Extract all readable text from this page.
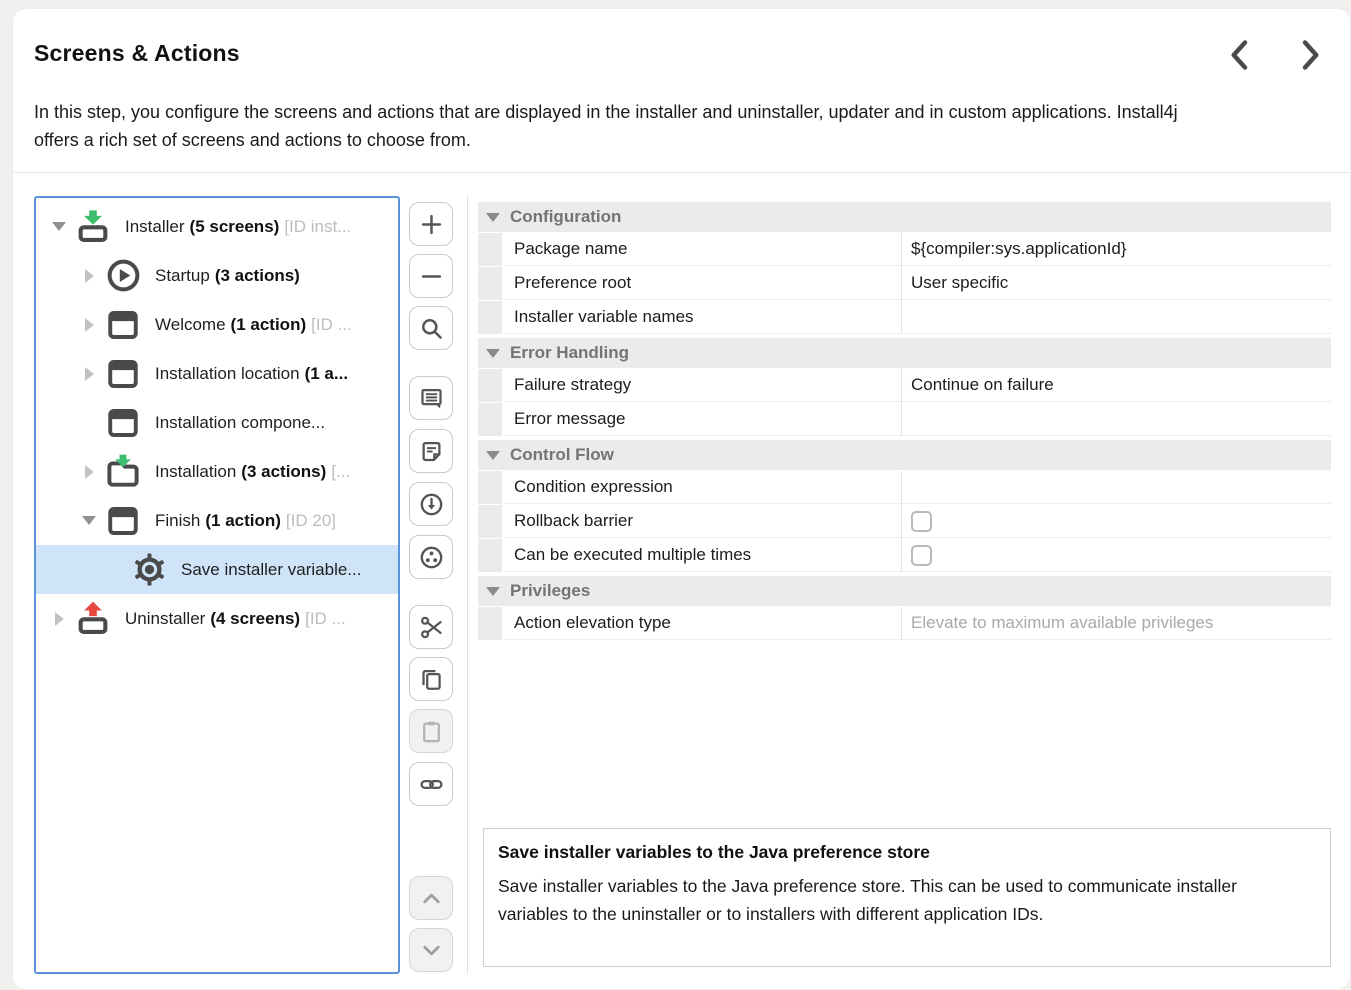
Screens & Actions
In this step, you configure the screens and actions that are displayed in the installer and uninstaller, updater and in custom applications. Install4j offers a rich set of screens and actions to choose from.
Installer (5 screens) [ID inst...
Startup (3 actions)
Welcome (1 action) [ID ...
Installation location (1 a...
Installation compone...
Installation (3 actions) [...
Finish (1 action) [ID 20]
Save installer variable...
Uninstaller (4 screens) [ID ...
Configuration
Package name	${compiler:sys.applicationId}
Preference root	User specific
Installer variable names
Error Handling
Failure strategy	Continue on failure
Error message
Control Flow
Condition expression
Rollback barrier
Can be executed multiple times
Privileges
Action elevation type	Elevate to maximum available privileges
Save installer variables to the Java preference store
Save installer variables to the Java preference store. This can be used to communicate installer variables to the uninstaller or to installers with different application IDs.
